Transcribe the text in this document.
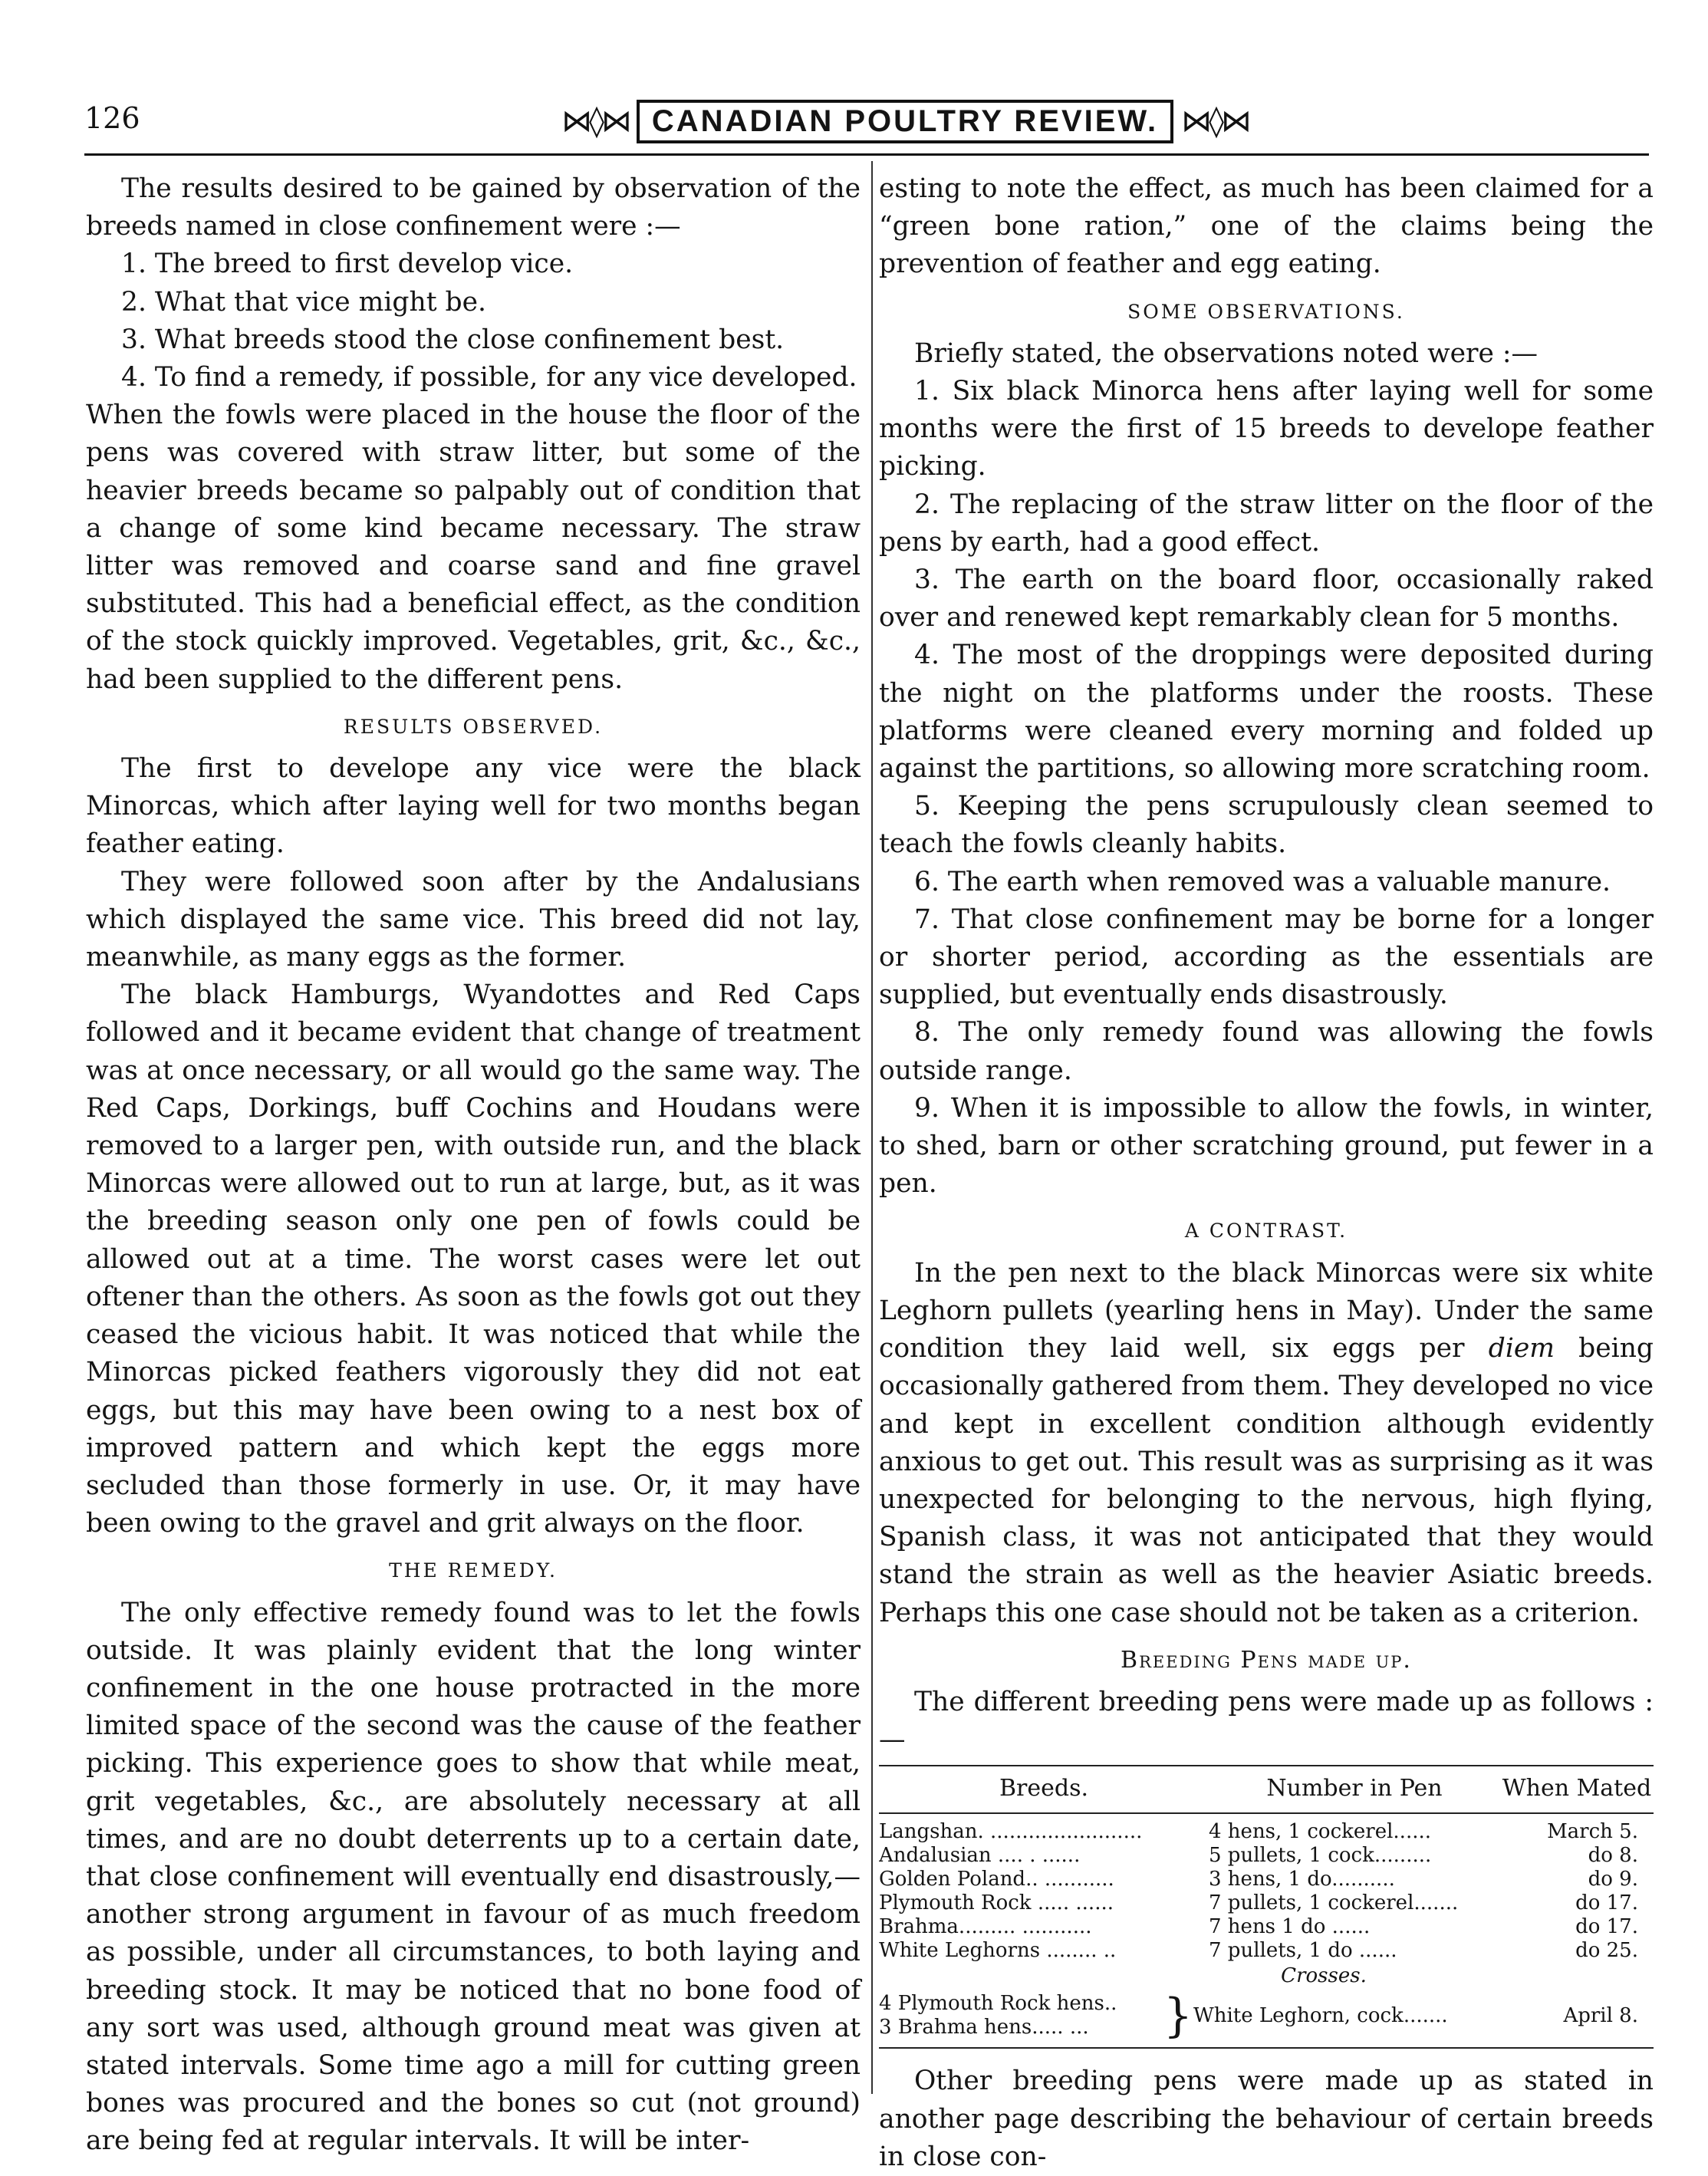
126	⋈◊⋈ CANADIAN POULTRY REVIEW. ⋈◊⋈

The results desired to be gained by observation of the breeds named in close confinement were :—

1. The breed to first develop vice.

2. What that vice might be.

3. What breeds stood the close confinement best.

4. To find a remedy, if possible, for any vice developed.

When the fowls were placed in the house the floor of the pens was covered with straw litter, but some of the heavier breeds became so palpably out of condition that a change of some kind became necessary. The straw litter was removed and coarse sand and fine gravel substituted. This had a beneficial effect, as the condition of the stock quickly improved. Vegetables, grit, &c., &c., had been supplied to the different pens.

RESULTS OBSERVED.

The first to develope any vice were the black Minorcas, which after laying well for two months began feather eating.

They were followed soon after by the Andalusians which displayed the same vice. This breed did not lay, meanwhile, as many eggs as the former.

The black Hamburgs, Wyandottes and Red Caps followed and it became evident that change of treatment was at once necessary, or all would go the same way. The Red Caps, Dorkings, buff Cochins and Houdans were removed to a larger pen, with outside run, and the black Minorcas were allowed out to run at large, but, as it was the breeding season only one pen of fowls could be allowed out at a time. The worst cases were let out oftener than the others. As soon as the fowls got out they ceased the vicious habit. It was noticed that while the Minorcas picked feathers vigorously they did not eat eggs, but this may have been owing to a nest box of improved pattern and which kept the eggs more secluded than those formerly in use. Or, it may have been owing to the gravel and grit always on the floor.

THE REMEDY.

The only effective remedy found was to let the fowls outside. It was plainly evident that the long winter confinement in the one house protracted in the more limited space of the second was the cause of the feather picking. This experience goes to show that while meat, grit vegetables, &c., are absolutely necessary at all times, and are no doubt deterrents up to a certain date, that close confinement will eventually end disastrously,—another strong argument in favour of as much freedom as possible, under all circumstances, to both laying and breeding stock. It may be noticed that no bone food of any sort was used, although ground meat was given at stated intervals. Some time ago a mill for cutting green bones was procured and the bones so cut (not ground) are being fed at regular intervals. It will be inter-

esting to note the effect, as much has been claimed for a “green bone ration,” one of the claims being the prevention of feather and egg eating.

SOME OBSERVATIONS.

Briefly stated, the observations noted were :—

1. Six black Minorca hens after laying well for some months were the first of 15 breeds to develope feather picking.

2. The replacing of the straw litter on the floor of the pens by earth, had a good effect.

3. The earth on the board floor, occasionally raked over and renewed kept remarkably clean for 5 months.

4. The most of the droppings were deposited during the night on the platforms under the roosts. These platforms were cleaned every morning and folded up against the partitions, so allowing more scratching room.

5. Keeping the pens scrupulously clean seemed to teach the fowls cleanly habits.

6. The earth when removed was a valuable manure.

7. That close confinement may be borne for a longer or shorter period, according as the essentials are supplied, but eventually ends disastrously.

8. The only remedy found was allowing the fowls outside range.

9. When it is impossible to allow the fowls, in winter, to shed, barn or other scratching ground, put fewer in a pen.

A CONTRAST.

In the pen next to the black Minorcas were six white Leghorn pullets (yearling hens in May). Under the same condition they laid well, six eggs per diem being occasionally gathered from them. They developed no vice and kept in excellent condition although evidently anxious to get out. This result was as surprising as it was unexpected for belonging to the nervous, high flying, Spanish class, it was not anticipated that they would stand the strain as well as the heavier Asiatic breeds. Perhaps this one case should not be taken as a criterion.

Breeding Pens made up.

The different breeding pens were made up as follows :—

Breeds.	Number in Pen	When Mated
Langshan. ........................	4 hens, 1 cockerel......	March 5.
Andalusian .... . ......	5 pullets, 1 cock.........	do 8.
Golden Poland.. ...........	3 hens, 1 do..........	do 9.
Plymouth Rock ..... ......	7 pullets, 1 cockerel.......	do 17.
Brahma......... ...........	7 hens 1 do ......	do 17.
White Leghorns ........ ..	7 pullets, 1 do ......	do 25.
Crosses.
4 Plymouth Rock hens..
3 Brahma hens..... ...	} White Leghorn, cock.......	April 8.

Other breeding pens were made up as stated in another page describing the behaviour of certain breeds in close con-
